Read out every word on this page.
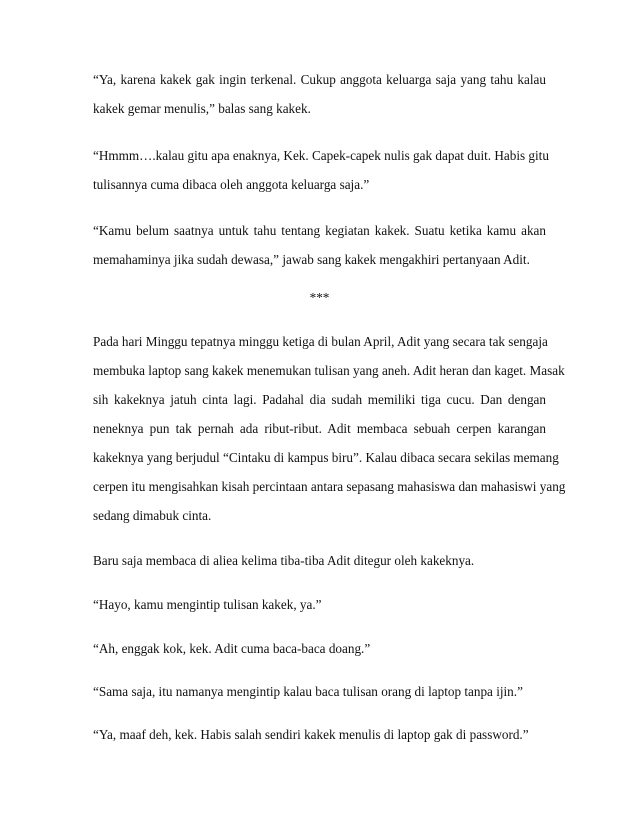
“Ya, karena kakek gak ingin terkenal. Cukup anggota keluarga saja yang tahu kalau

kakek gemar menulis,” balas sang kakek.

“Hmmm….kalau gitu apa enaknya, Kek. Capek-capek nulis gak dapat duit. Habis gitu

tulisannya cuma dibaca oleh anggota keluarga saja.”

“Kamu belum saatnya untuk tahu tentang kegiatan kakek. Suatu ketika kamu akan

memahaminya jika sudah dewasa,” jawab sang kakek mengakhiri pertanyaan Adit.

***

Pada hari Minggu tepatnya minggu ketiga di bulan April, Adit yang secara tak sengaja

membuka laptop sang kakek menemukan tulisan yang aneh. Adit heran dan kaget. Masak

sih kakeknya jatuh cinta lagi. Padahal dia sudah memiliki tiga cucu. Dan dengan

neneknya pun tak pernah ada ribut-ribut. Adit membaca sebuah cerpen karangan

kakeknya yang berjudul “Cintaku di kampus biru”. Kalau dibaca secara sekilas memang

cerpen itu mengisahkan kisah percintaan antara sepasang mahasiswa dan mahasiswi yang

sedang dimabuk cinta.

Baru saja membaca di aliea kelima tiba-tiba Adit ditegur oleh kakeknya.

“Hayo, kamu mengintip tulisan kakek, ya.”

“Ah, enggak kok, kek. Adit cuma baca-baca doang.”

“Sama saja, itu namanya mengintip kalau baca tulisan orang di laptop tanpa ijin.”

“Ya, maaf deh, kek. Habis salah sendiri kakek menulis di laptop gak di password.”
